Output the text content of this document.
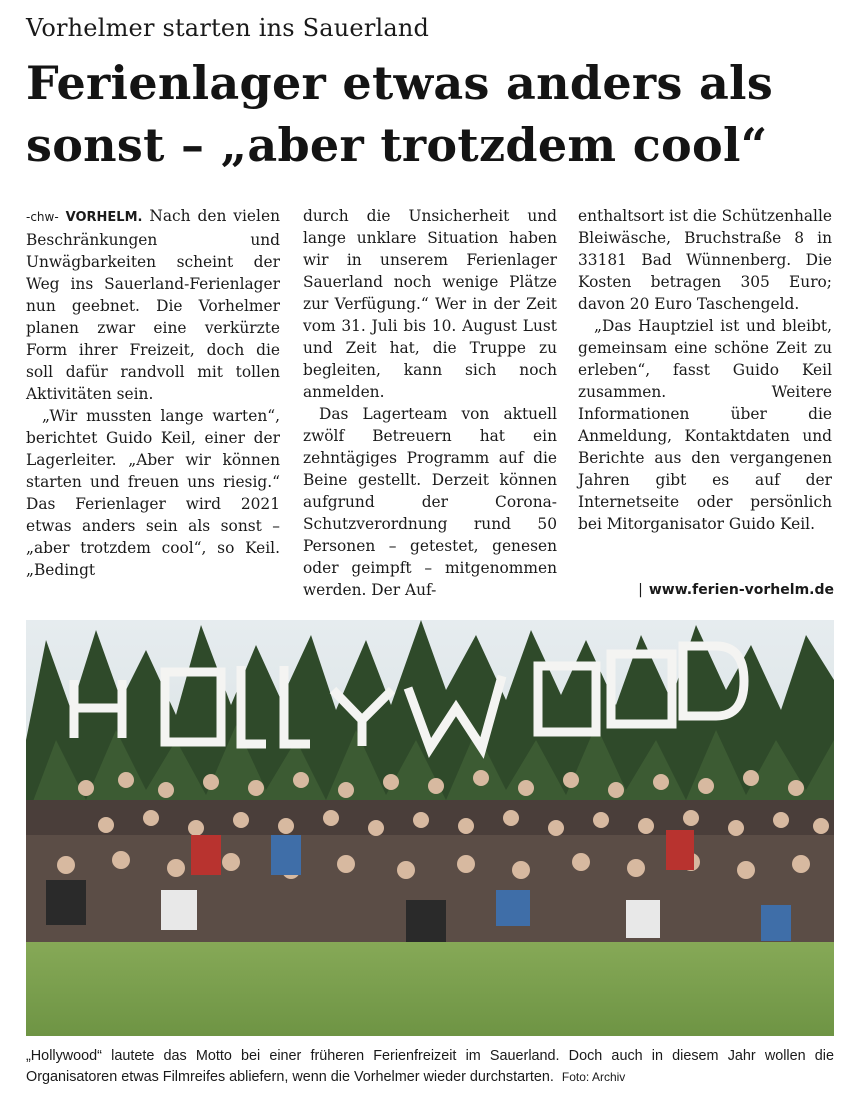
Vorhelmer starten ins Sauerland
Ferienlager etwas anders als
sonst – „aber trotzdem cool“

-chw- VORHELM. Nach den vielen Beschränkungen und Unwägbarkeiten scheint der Weg ins Sauerland-Ferienlager nun geebnet. Die Vorhelmer planen zwar eine verkürzte Form ihrer Freizeit, doch die soll dafür randvoll mit tollen Aktivitäten sein.

„Wir mussten lange warten“, berichtet Guido Keil, einer der Lagerleiter. „Aber wir können starten und freuen uns riesig.“ Das Ferienlager wird 2021 etwas anders sein als sonst – „aber trotzdem cool“, so Keil. „Bedingt

durch die Unsicherheit und lange unklare Situation haben wir in unserem Ferienlager Sauerland noch wenige Plätze zur Verfügung.“ Wer in der Zeit vom 31. Juli bis 10. August Lust und Zeit hat, die Truppe zu begleiten, kann sich noch anmelden.

Das Lagerteam von aktuell zwölf Betreuern hat ein zehntägiges Programm auf die Beine gestellt. Derzeit können aufgrund der Corona-Schutzverordnung rund 50 Personen – getestet, genesen oder geimpft – mitgenommen werden. Der Auf-

enthaltsort ist die Schützenhalle Bleiwäsche, Bruchstraße 8 in 33181 Bad Wünnenberg. Die Kosten betragen 305 Euro; davon 20 Euro Taschengeld.

„Das Hauptziel ist und bleibt, gemeinsam eine schöne Zeit zu erleben“, fasst Guido Keil zusammen. Weitere Informationen über die Anmeldung, Kontaktdaten und Berichte aus den vergangenen Jahren gibt es auf der Internetseite oder persönlich bei Mitorganisator Guido Keil.

| www.ferien-vorhelm.de
„Hollywood“ lautete das Motto bei einer früheren Ferienfreizeit im Sauerland. Doch auch in diesem Jahr wollen die Organisatoren etwas Filmreifes abliefern, wenn die Vorhelmer wieder durchstarten. Foto: Archiv
